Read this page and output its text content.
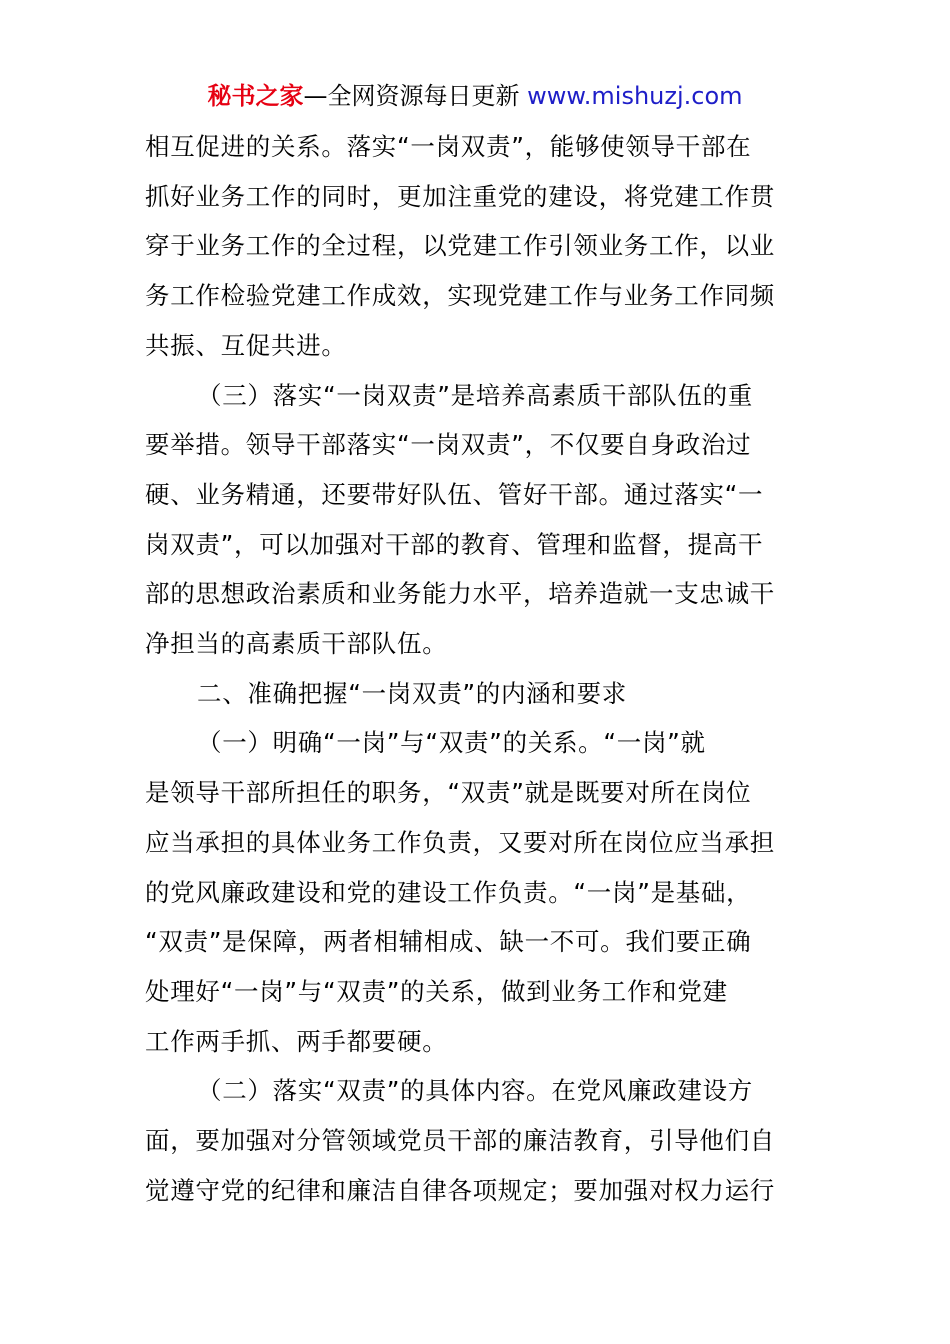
秘书之家—全网资源每日更新 www.mishuzj.com

相互促进的关系。落实“一岗双责”，能够使领导干部在
抓好业务工作的同时，更加注重党的建设，将党建工作贯
穿于业务工作的全过程，以党建工作引领业务工作，以业
务工作检验党建工作成效，实现党建工作与业务工作同频
共振、互促共进。

（三）落实“一岗双责”是培养高素质干部队伍的重
要举措。领导干部落实“一岗双责”，不仅要自身政治过
硬、业务精通，还要带好队伍、管好干部。通过落实“一
岗双责”，可以加强对干部的教育、管理和监督，提高干
部的思想政治素质和业务能力水平，培养造就一支忠诚干
净担当的高素质干部队伍。

二、准确把握“一岗双责”的内涵和要求

（一）明确“一岗”与“双责”的关系。“一岗”就
是领导干部所担任的职务，“双责”就是既要对所在岗位
应当承担的具体业务工作负责，又要对所在岗位应当承担
的党风廉政建设和党的建设工作负责。“一岗”是基础，
“双责”是保障，两者相辅相成、缺一不可。我们要正确
处理好“一岗”与“双责”的关系，做到业务工作和党建
工作两手抓、两手都要硬。

（二）落实“双责”的具体内容。在党风廉政建设方
面，要加强对分管领域党员干部的廉洁教育，引导他们自
觉遵守党的纪律和廉洁自律各项规定；要加强对权力运行
